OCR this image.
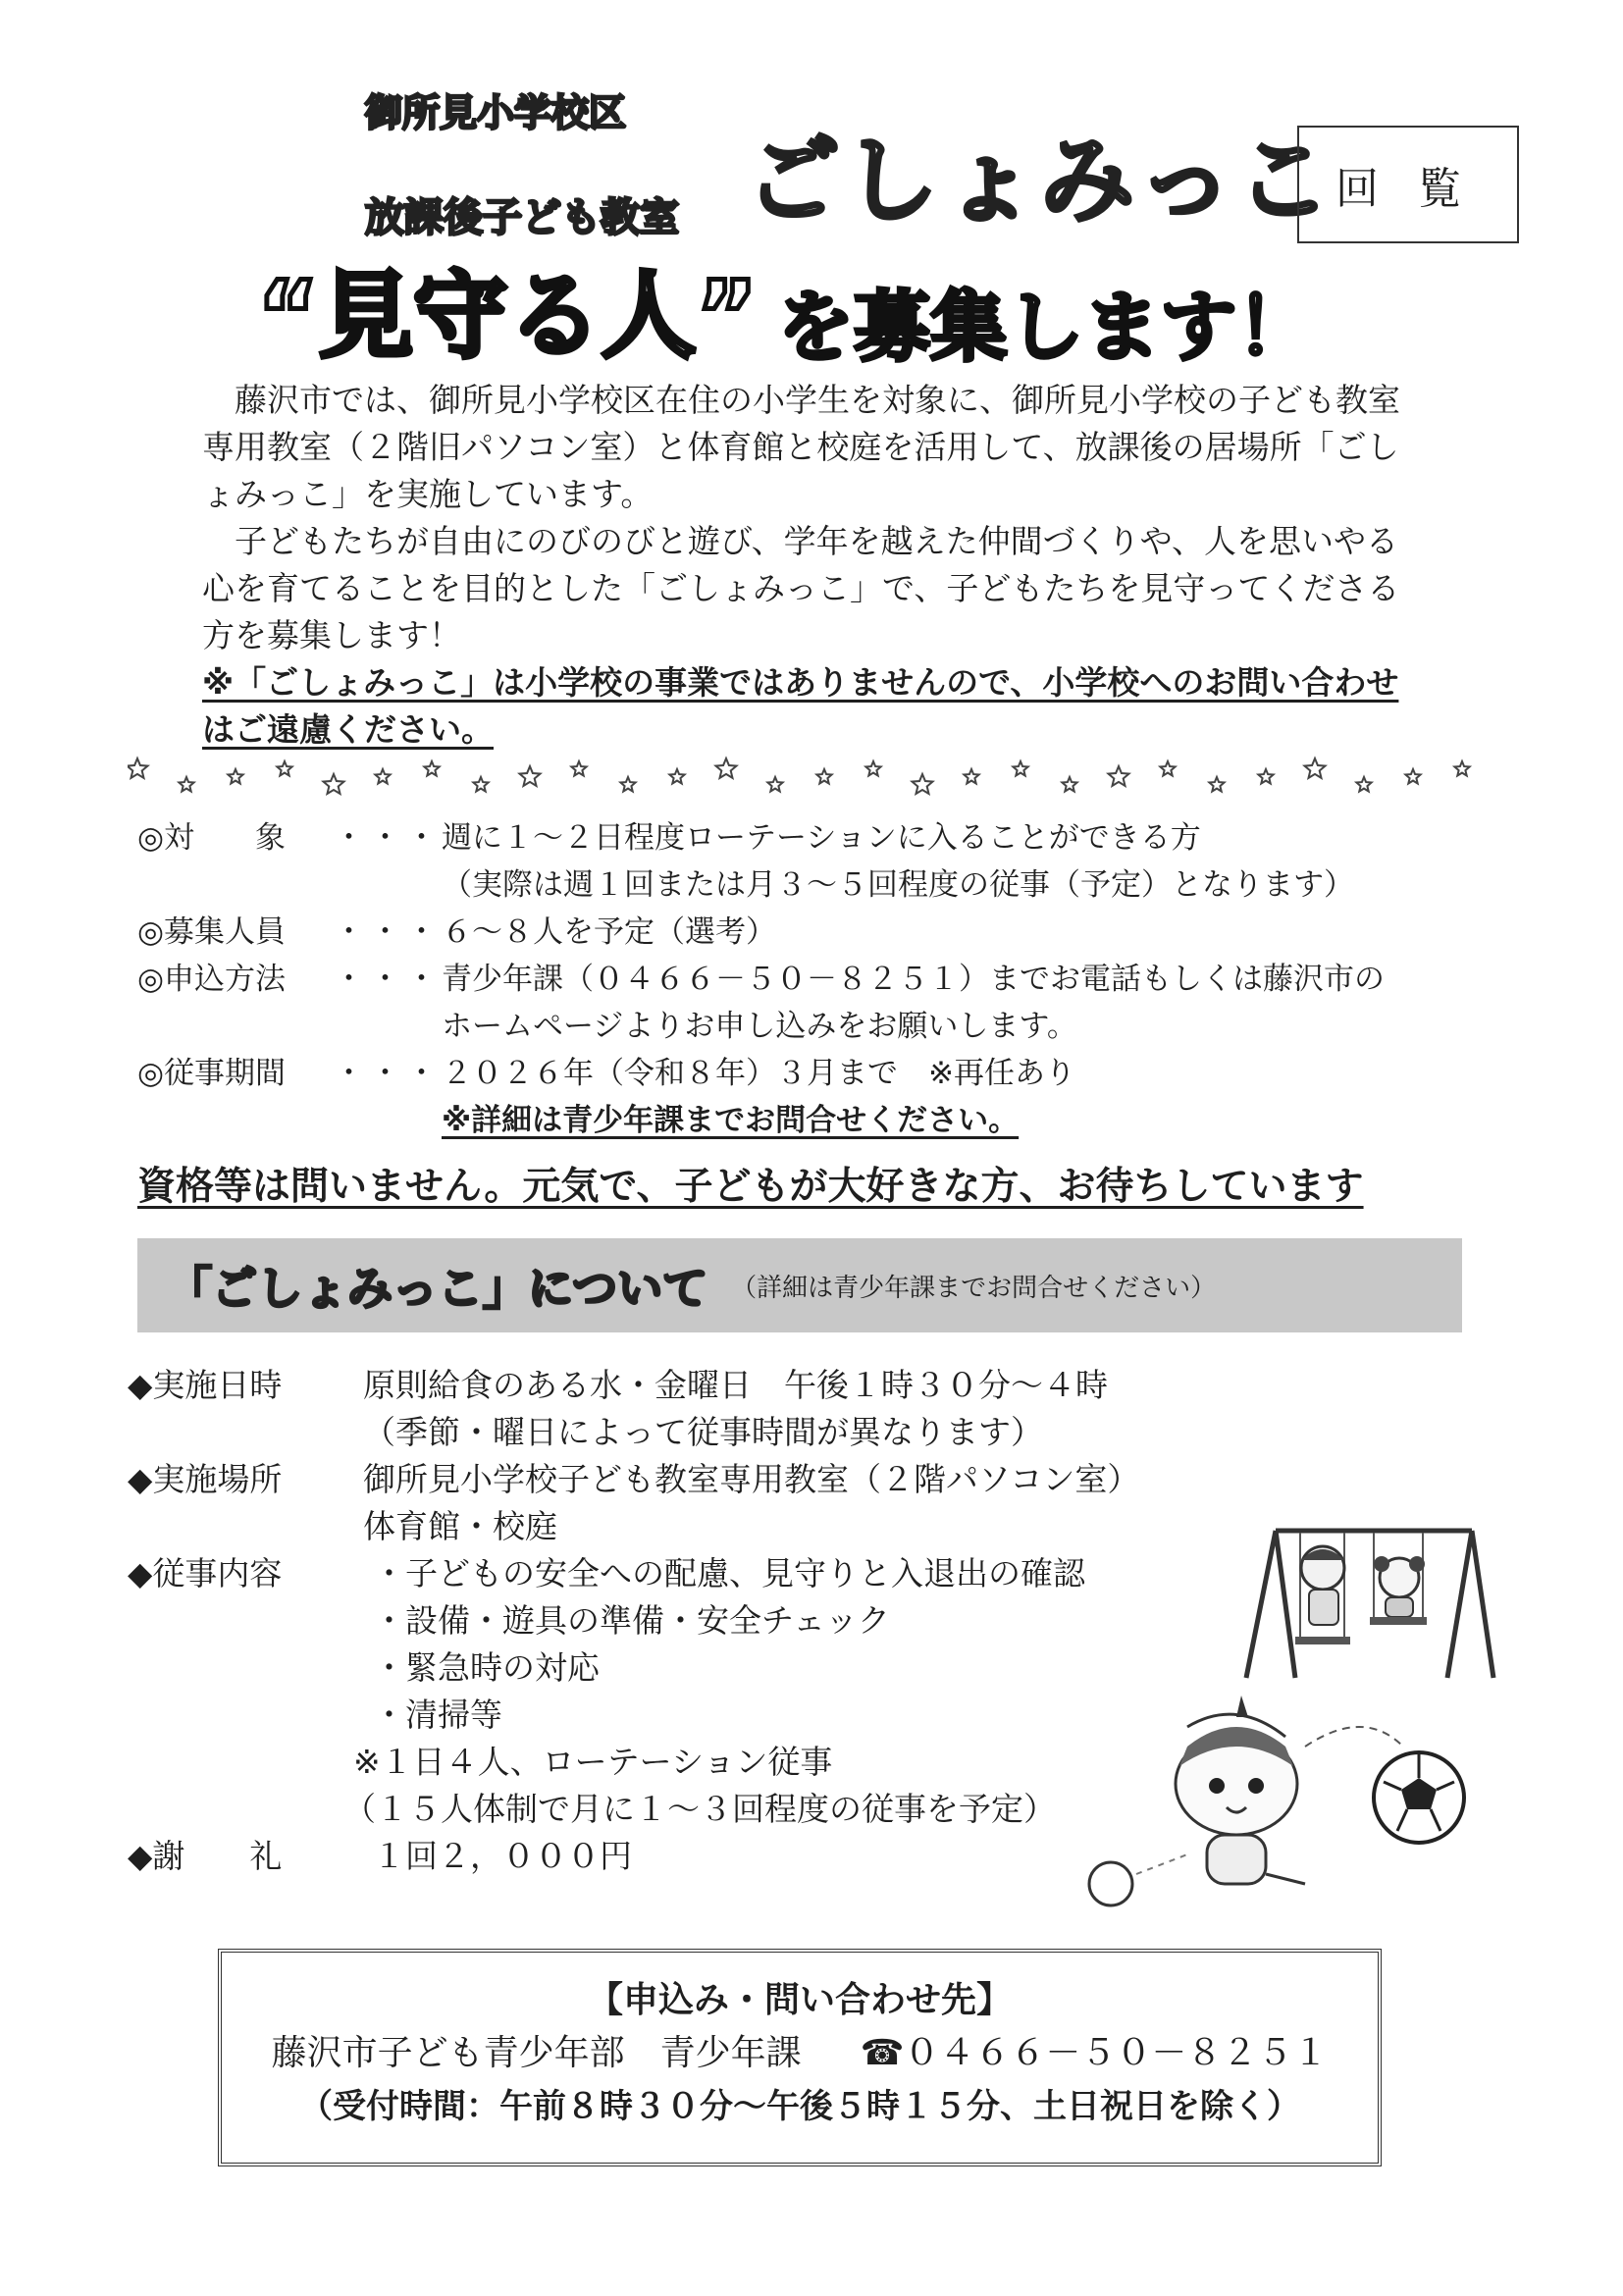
御所見小学校区
放課後子ども教室 ごしょみっこ 回覧
“見守る人” を募集します！

藤沢市では、御所見小学校区在住の小学生を対象に、御所見小学校の子ども教室専用教室（２階旧パソコン室）と体育館と校庭を活用して、放課後の居場所「ごしょみっこ」を実施しています。

子どもたちが自由にのびのびと遊び、学年を越えた仲間づくりや、人を思いやる心を育てることを目的とした「ごしょみっこ」で、子どもたちを見守ってくださる方を募集します！

※「ごしょみっこ」は小学校の事業ではありませんので、小学校へのお問い合わせはご遠慮ください。
◎対　　象	・・・ 週に１～２日程度ローテーションに入ることができる方
（実際は週１回または月３～５回程度の従事（予定）となります）
◎募集人員	・・・ ６～８人を予定（選考）
◎申込方法	・・・ 青少年課（０４６６－５０－８２５１）までお電話もしくは藤沢市のホームページよりお申し込みをお願いします。
◎従事期間	・・・ ２０２６年（令和８年）３月まで　※再任あり
※詳細は青少年課までお問合せください。
資格等は問いません。元気で、子どもが大好きな方、お待ちしています
「ごしょみっこ」について （詳細は青少年課までお問合せください）
◆実施日時	原則給食のある水・金曜日　午後１時３０分～４時
（季節・曜日によって従事時間が異なります）
◆実施場所	御所見小学校子ども教室専用教室（２階パソコン室）
体育館・校庭
◆従事内容	・子どもの安全への配慮、見守りと入退出の確認
・設備・遊具の準備・安全チェック
・緊急時の対応
・清掃等
※１日４人、ローテーション従事
（１５人体制で月に１～３回程度の従事を予定）
◆謝　　礼	１回２，０００円
【申込み・問い合わせ先】
藤沢市子ども青少年部　青少年課 ☎０４６６－５０－８２５１
（受付時間：午前８時３０分～午後５時１５分、土日祝日を除く）
